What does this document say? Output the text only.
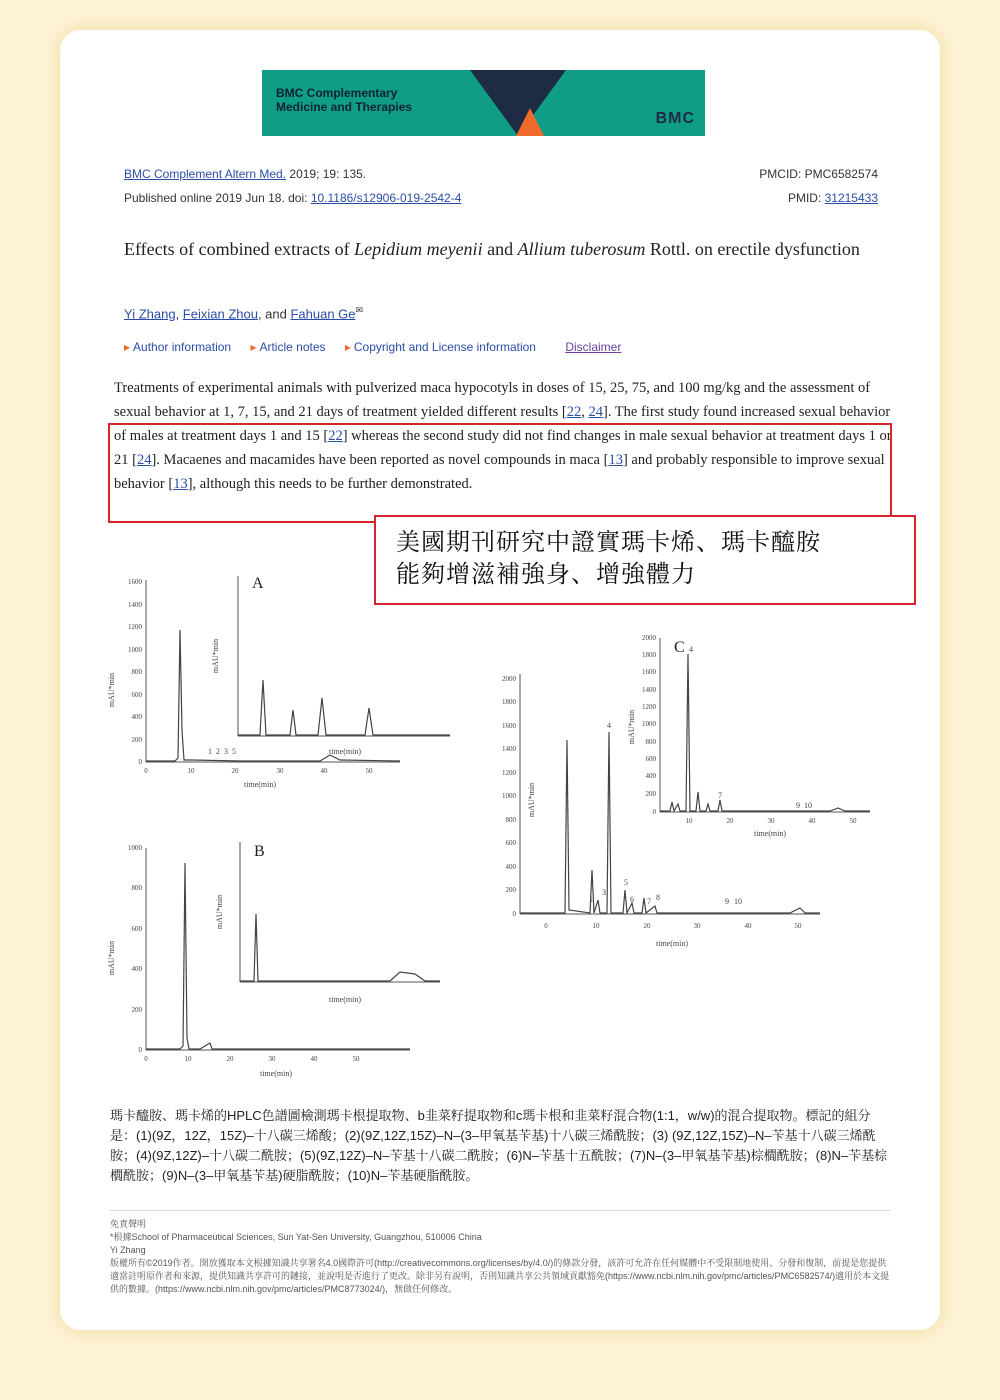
BMC Complementary
Medicine and Therapies
BMC
BMC Complement Altern Med. 2019; 19: 135.
Published online 2019 Jun 18. doi: 10.1186/s12906-019-2542-4
PMCID: PMC6582574
PMID: 31215433
Effects of combined extracts of Lepidium meyenii and Allium tuberosum Rottl. on erectile dysfunction
Yi Zhang, Feixian Zhou, and Fahuan Ge✉
▸ Author information ▸ Article notes ▸ Copyright and License information Disclaimer
Treatments of experimental animals with pulverized maca hypocotyls in doses of 15, 25, 75, and 100 mg/kg and the assessment of sexual behavior at 1, 7, 15, and 21 days of treatment yielded different results [22, 24]. The first study found increased sexual behavior of males at treatment days 1 and 15 [22] whereas the second study did not find changes in male sexual behavior at treatment days 1 or 21 [24]. Macaenes and macamides have been reported as novel compounds in maca [13] and probably responsible to improve sexual behavior [13], although this needs to be further demonstrated.
美國期刊研究中證實瑪卡烯、瑪卡醯胺
能夠增滋補強身、增強體力
1600
1400
1200
1000
800
600
400
200
0
0	10	20	30	40	50
time(min)
mAU*min
1 2 3 5
A
mAU*min
time(min)
1000
800
600
400
200
0
0	10	20	30	40	50
time(min)
mAU*min
B
mAU*min
time(min)
2000
1800
1600
1400
1200
1000
800
600
400
200
0
0	10	20	30	40	50
time(min)
mAU*min
1
3
4
5
6 7 8	9 10
C
2000
1800
1600
1400
1200
1000
800
600
400
200
0
10	20	30	40	50
time(min)
mAU*min
4
7
9 10
瑪卡醯胺、瑪卡烯的HPLC色譜圖檢測瑪卡根提取物、b韭菜籽提取物和c瑪卡根和韭菜籽混合物(1:1，w/w)的混合提取物。標記的組分是：(1)(9Z，12Z，15Z)–十八碳三烯酸；(2)(9Z,12Z,15Z)–N–(3–甲氧基苄基)十八碳三烯酰胺；(3) (9Z,12Z,15Z)–N–苄基十八碳三烯酰胺；(4)(9Z,12Z)–十八碳二酰胺；(5)(9Z,12Z)–N–苄基十八碳二酰胺；(6)N–苄基十五酰胺；(7)N–(3–甲氧基苄基)棕櫚酰胺；(8)N–苄基棕櫚酰胺；(9)N–(3–甲氧基苄基)硬脂酰胺；(10)N–苄基硬脂酰胺。
免責聲明
*根據School of Pharmaceutical Sciences, Sun Yat-Sen University, Guangzhou, 510006 China
Yi Zhang
版權所有©2019作者。開放獲取本文根據知識共享署名4.0國際許可(http://creativecommons.org/licenses/by/4.0/)的條款分發，該許可允許在任何媒體中不受限制地使用、分發和復制，前提是您提供適當註明原作者和來源，提供知識共享許可的鏈接，並說明是否進行了更改。除非另有說明，否則知識共享公共領域貢獻豁免(https://www.ncbi.nlm.nih.gov/pmc/articles/PMC6582574/)適用於本文提供的數據。(https://www.ncbi.nlm.nih.gov/pmc/articles/PMC8773024/)，無做任何修改。
